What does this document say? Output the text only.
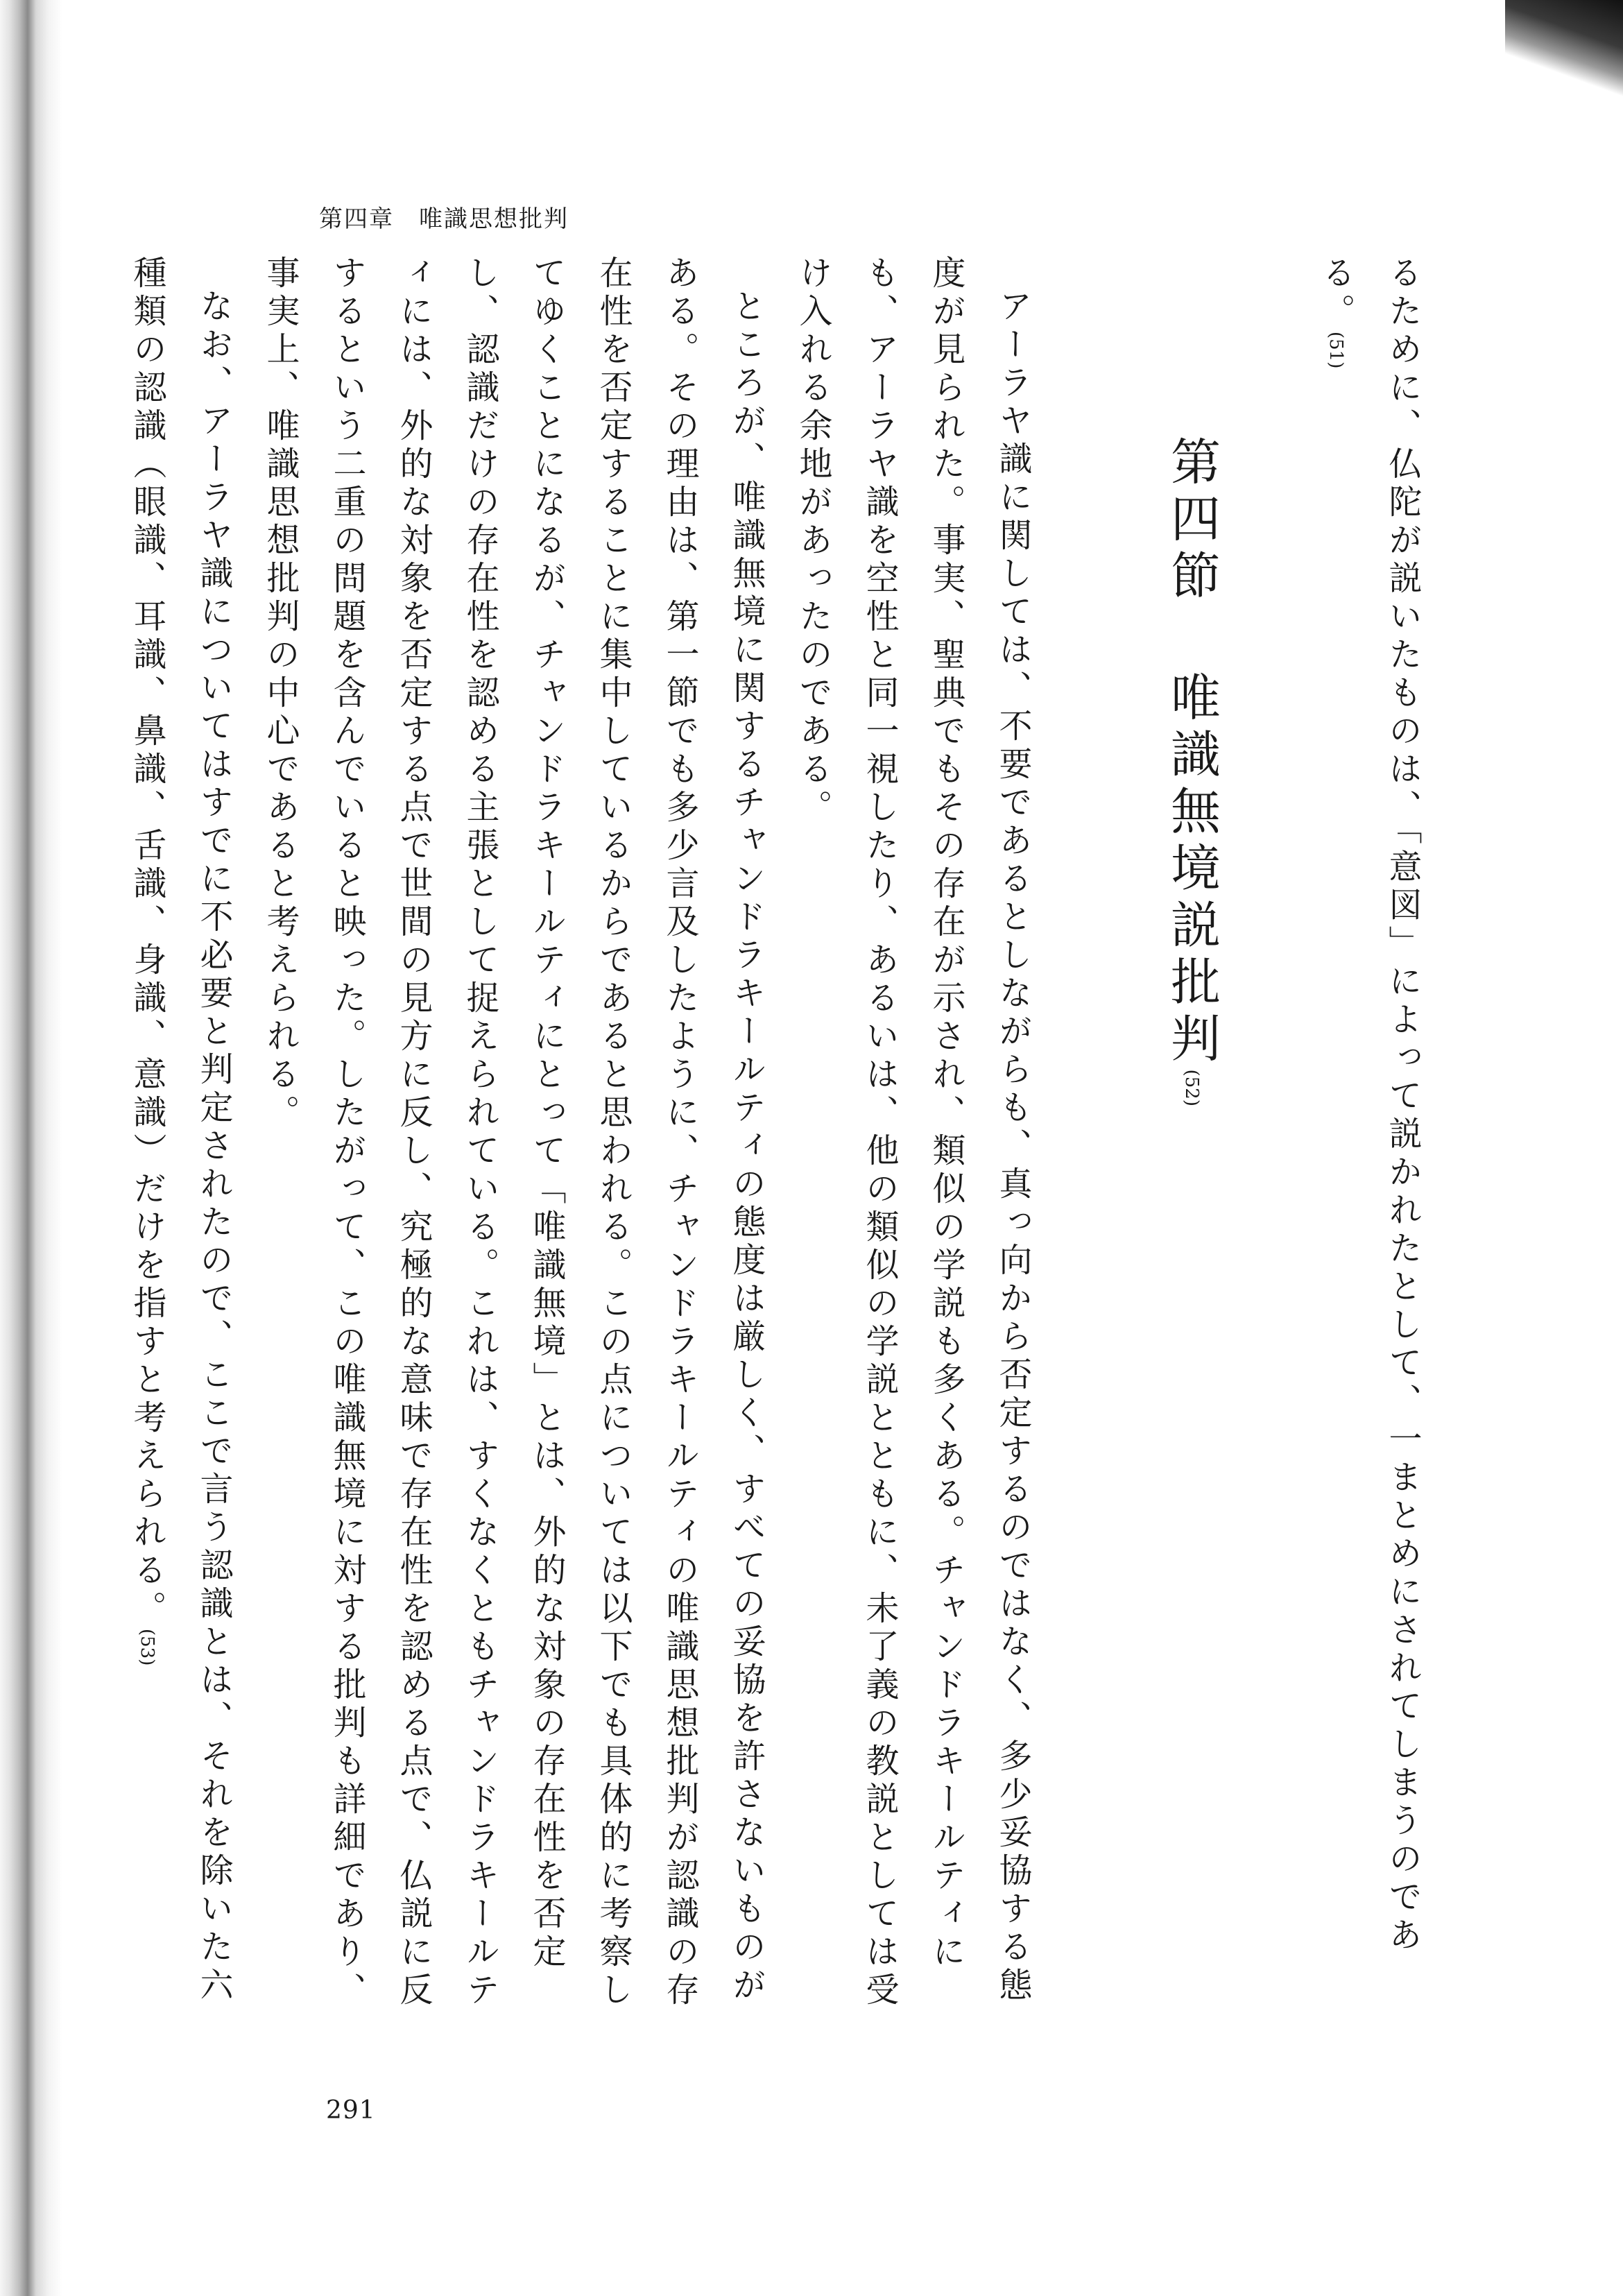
第四章　唯識思想批判

るために、仏陀が説いたものは、「意図」によって説かれたとして、一まとめにされてしまうのである。(51)

第四節唯識無境説批判(52)

アーラヤ識に関しては、不要であるとしながらも、真っ向から否定するのではなく、多少妥協する態度が見られた。事実、聖典でもその存在が示され、類似の学説も多くある。チャンドラキールティにも、アーラヤ識を空性と同一視したり、あるいは、他の類似の学説とともに、未了義の教説としては受け入れる余地があったのである。

ところが、唯識無境に関するチャンドラキールティの態度は厳しく、すべての妥協を許さないものがある。その理由は、第一節でも多少言及したように、チャンドラキールティの唯識思想批判が認識の存在性を否定することに集中しているからであると思われる。この点については以下でも具体的に考察してゆくことになるが、チャンドラキールティにとって「唯識無境」とは、外的な対象の存在性を否定し、認識だけの存在性を認める主張として捉えられている。これは、すくなくともチャンドラキールティには、外的な対象を否定する点で世間の見方に反し、究極的な意味で存在性を認める点で、仏説に反するという二重の問題を含んでいると映った。したがって、この唯識無境に対する批判も詳細であり、事実上、唯識思想批判の中心であると考えられる。

なお、アーラヤ識についてはすでに不必要と判定されたので、ここで言う認識とは、それを除いた六種類の認識（眼識、耳識、鼻識、舌識、身識、意識）だけを指すと考えられる。(53)

291
